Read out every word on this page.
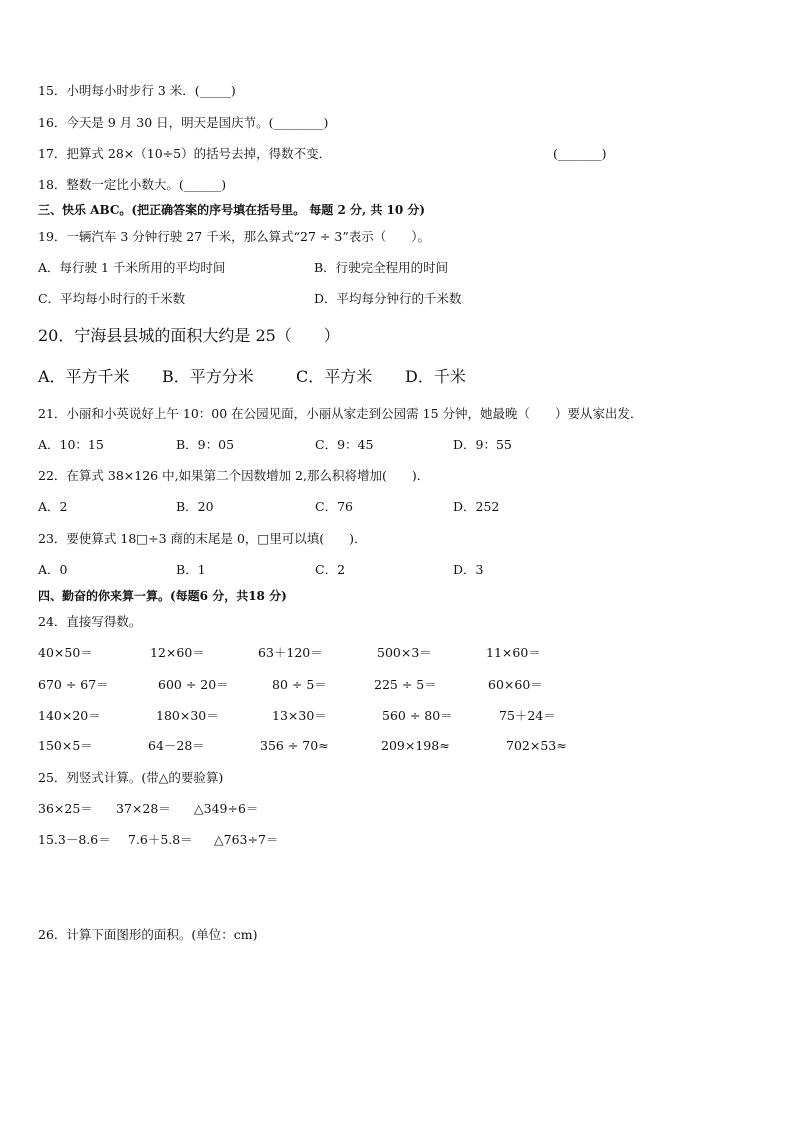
15．小明每小时步行 3 米．(_____)
16．今天是 9 月 30 日，明天是国庆节。(________)
17．把算式 28×（10÷5）的括号去掉，得数不变．	(_______)
18．整数一定比小数大。(______)
三、快乐 ABC。(把正确答案的序号填在括号里。 每题 2 分, 共 10 分)
19．一辆汽车 3 分钟行驶 27 千米，那么算式“27 ÷ 3”表示（　　）。
A．每行驶 1 千米所用的平均时间	B．行驶完全程用的时间
C．平均每小时行的千米数	D．平均每分钟行的千米数
20．宁海县县城的面积大约是 25（　　）
A．平方千米 B．平方分米	C．平方米 D．千米
21．小丽和小英说好上午 10：00 在公园见面，小丽从家走到公园需 15 分钟，她最晚（　　）要从家出发．
A．10：15	B．9：05	C．9：45	D．9：55
22．在算式 38×126 中,如果第二个因数增加 2,那么积将增加(　　)．
A．2	B．20	C．76	D．252
23．要使算式 18□÷3 商的末尾是 0，□里可以填(　　)．
A．0	B．1	C．2	D．3
四、勤奋的你来算一算。(每题6 分，共18 分)
24．直接写得数。
40×50＝	12×60＝	63＋120＝	500×3＝	11×60＝
670 ÷ 67＝	600 ÷ 20＝	80 ÷ 5＝	225 ÷ 5＝	60×60＝
140×20＝	180×30＝	13×30＝	560 ÷ 80＝	75＋24＝
150×5＝	64－28＝	356 ÷ 70≈	209×198≈	702×53≈
25．列竖式计算。(带△的要验算)
36×25＝ 37×28＝ △349÷6＝
15.3－8.6＝ 7.6＋5.8＝ △763÷7＝
26．计算下面图形的面积。(单位：cm)
